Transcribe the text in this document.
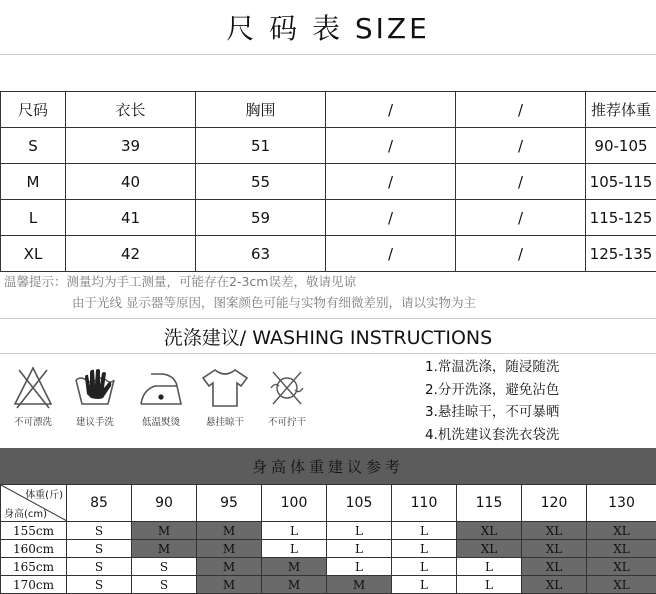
尺 码 表 SIZE
尺码	衣长	胸围	/	/	推荐体重
S	39	51	/	/	90-105
M	40	55	/	/	105-115
L	41	59	/	/	115-125
XL	42	63	/	/	125-135
温馨提示：测量均为手工测量，可能存在2-3cm误差，敬请见谅
由于光线 显示器等原因，图案颜色可能与实物有细微差别，请以实物为主
洗涤建议/ WASHING INSTRUCTIONS
不可漂洗	建议手洗	低温熨烫	悬挂晾干	不可拧干
1.常温洗涤，随浸随洗
2.分开洗涤，避免沾色
3.悬挂晾干，不可暴晒
4.机洗建议套洗衣袋洗
身高体重建议参考
体重(斤)
身高(cm)	85	90	95	100	105	110	115	120	130
155cm	S	M	M	L	L	L	XL	XL	XL
160cm	S	M	M	L	L	L	XL	XL	XL
165cm	S	S	M	M	L	L	L	XL	XL
170cm	S	S	M	M	M	L	L	XL	XL
